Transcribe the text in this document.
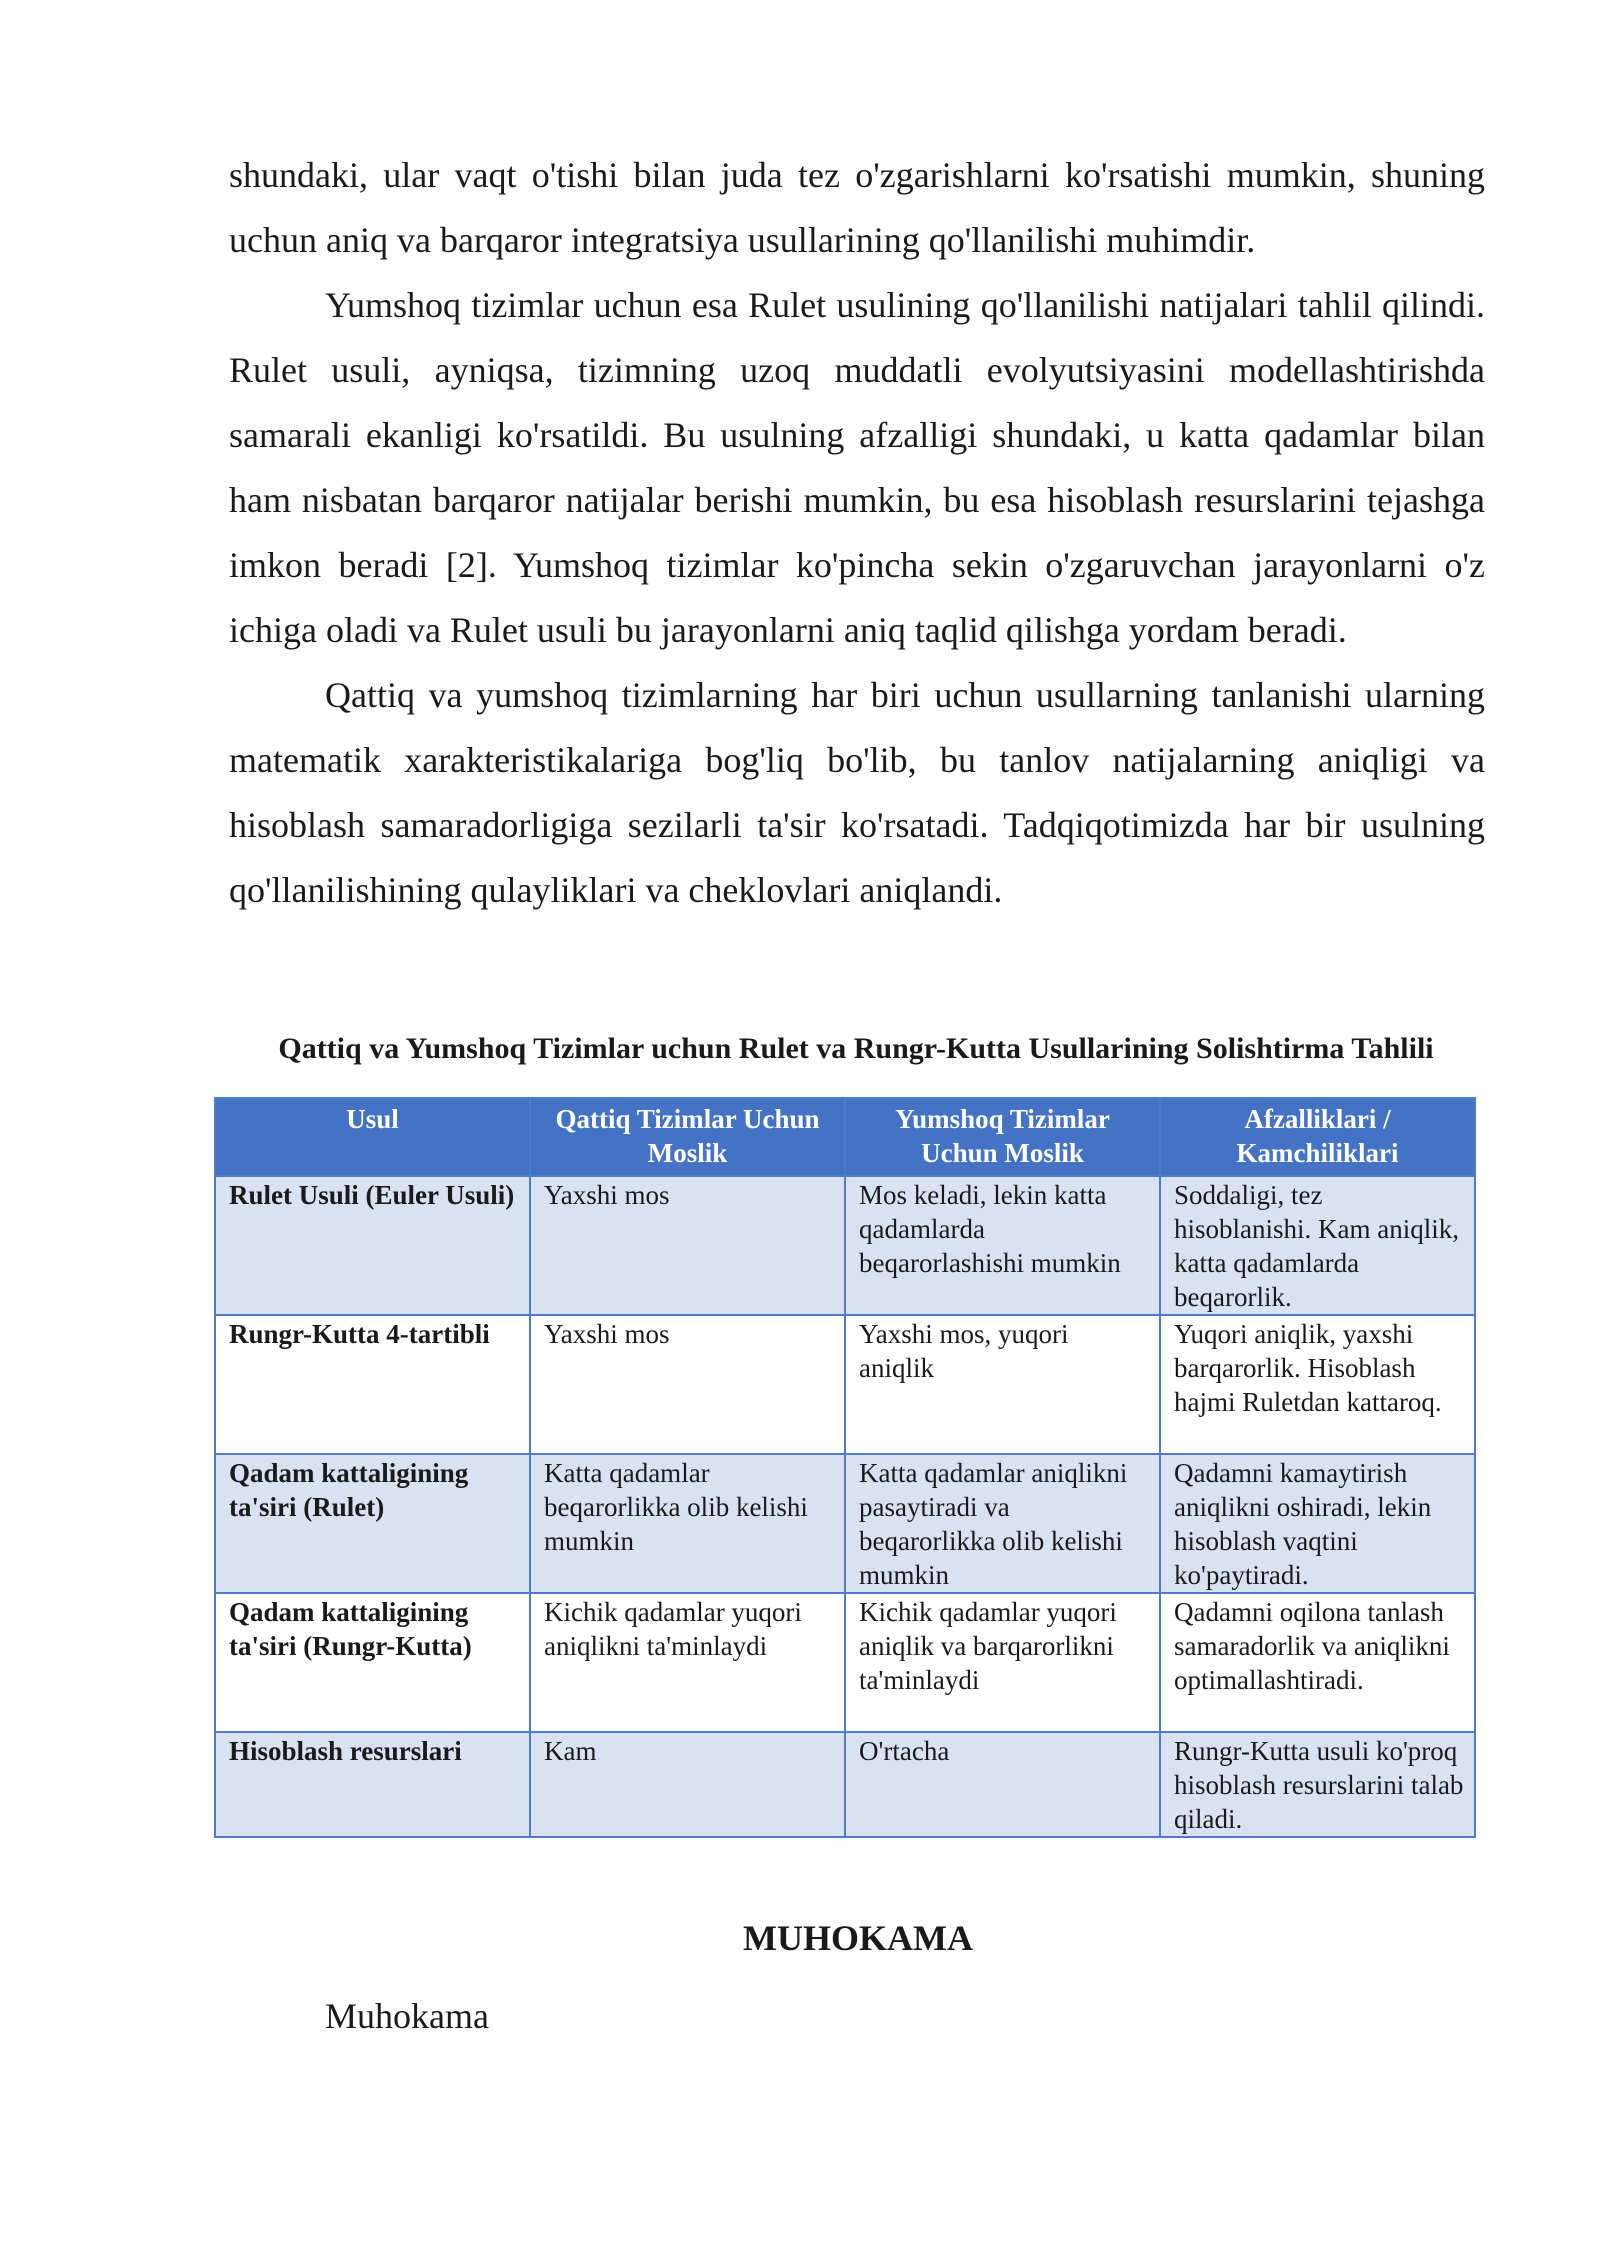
shundaki, ular vaqt o'tishi bilan juda tez o'zgarishlarni ko'rsatishi mumkin, shuning uchun aniq va barqaror integratsiya usullarining qo'llanilishi muhimdir.

Yumshoq tizimlar uchun esa Rulet usulining qo'llanilishi natijalari tahlil qilindi. Rulet usuli, ayniqsa, tizimning uzoq muddatli evolyutsiyasini modellashtirishda samarali ekanligi ko'rsatildi. Bu usulning afzalligi shundaki, u katta qadamlar bilan ham nisbatan barqaror natijalar berishi mumkin, bu esa hisoblash resurslarini tejashga imkon beradi [2]. Yumshoq tizimlar ko'pincha sekin o'zgaruvchan jarayonlarni o'z ichiga oladi va Rulet usuli bu jarayonlarni aniq taqlid qilishga yordam beradi.

Qattiq va yumshoq tizimlarning har biri uchun usullarning tanlanishi ularning matematik xarakteristikalariga bog'liq bo'lib, bu tanlov natijalarning aniqligi va hisoblash samaradorligiga sezilarli ta'sir ko'rsatadi. Tadqiqotimizda har bir usulning qo'llanilishining qulayliklari va cheklovlari aniqlandi.

Qattiq va Yumshoq Tizimlar uchun Rulet va Rungr-Kutta Usullarining Solishtirma Tahlili
Usul	Qattiq Tizimlar Uchun Moslik	Yumshoq Tizimlar Uchun Moslik	Afzalliklari / Kamchiliklari
Rulet Usuli (Euler Usuli)	Yaxshi mos	Mos keladi, lekin katta qadamlarda beqarorlashishi mumkin	Soddaligi, tez hisoblanishi. Kam aniqlik, katta qadamlarda beqarorlik.
Rungr-Kutta 4-tartibli	Yaxshi mos	Yaxshi mos, yuqori aniqlik	Yuqori aniqlik, yaxshi barqarorlik. Hisoblash hajmi Ruletdan kattaroq.
Qadam kattaligining ta'siri (Rulet)	Katta qadamlar beqarorlikka olib kelishi mumkin	Katta qadamlar aniqlikni pasaytiradi va beqarorlikka olib kelishi mumkin	Qadamni kamaytirish aniqlikni oshiradi, lekin hisoblash vaqtini ko'paytiradi.
Qadam kattaligining ta'siri (Rungr-Kutta)	Kichik qadamlar yuqori aniqlikni ta'minlaydi	Kichik qadamlar yuqori aniqlik va barqarorlikni ta'minlaydi	Qadamni oqilona tanlash samaradorlik va aniqlikni optimallashtiradi.
Hisoblash resurslari	Kam	O'rtacha	Rungr-Kutta usuli ko'proq hisoblash resurslarini talab qiladi.
MUHOKAMA
Muhokama
